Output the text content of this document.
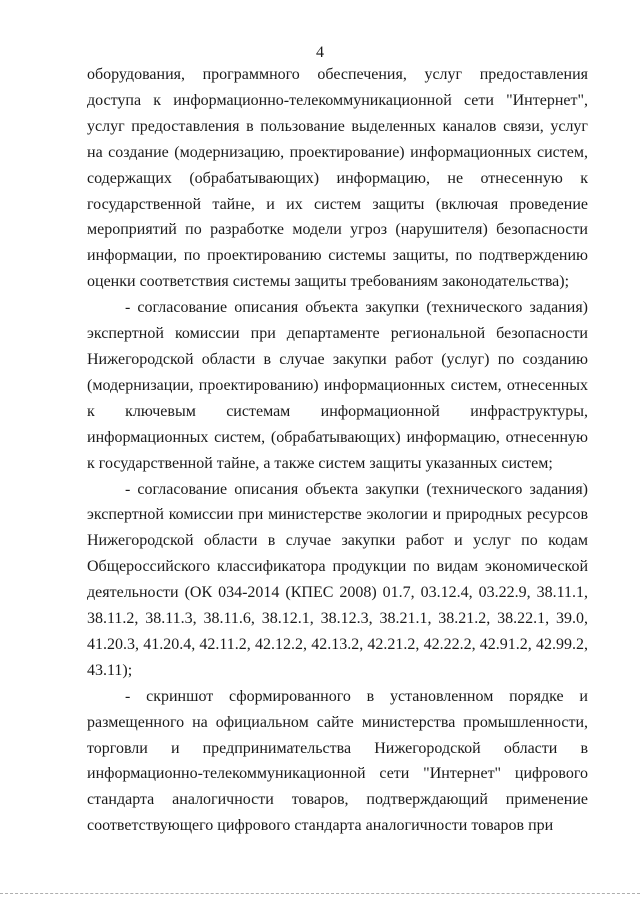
4

оборудования, программного обеспечения, услуг предоставления доступа к информационно-телекоммуникационной сети "Интернет", услуг предоставления в пользование выделенных каналов связи, услуг на создание (модернизацию, проектирование) информационных систем, содержащих (обрабатывающих) информацию, не отнесенную к государственной тайне, и их систем защиты (включая проведение мероприятий по разработке модели угроз (нарушителя) безопасности информации, по проектированию системы защиты, по подтверждению оценки соответствия системы защиты требованиям законодательства);

- согласование описания объекта закупки (технического задания) экспертной комиссии при департаменте региональной безопасности Нижегородской области в случае закупки работ (услуг) по созданию (модернизации, проектированию) информационных систем, отнесенных к ключевым системам информационной инфраструктуры, информационных систем, (обрабатывающих) информацию, отнесенную к государственной тайне, а также систем защиты указанных систем;

- согласование описания объекта закупки (технического задания) экспертной комиссии при министерстве экологии и природных ресурсов Нижегородской области в случае закупки работ и услуг по кодам Общероссийского классификатора продукции по видам экономической деятельности (ОК 034-2014 (КПЕС 2008) 01.7, 03.12.4, 03.22.9, 38.11.1, 38.11.2, 38.11.3, 38.11.6, 38.12.1, 38.12.3, 38.21.1, 38.21.2, 38.22.1, 39.0, 41.20.3, 41.20.4, 42.11.2, 42.12.2, 42.13.2, 42.21.2, 42.22.2, 42.91.2, 42.99.2, 43.11);

- скриншот сформированного в установленном порядке и размещенного на официальном сайте министерства промышленности, торговли и предпринимательства Нижегородской области в информационно-телекоммуникационной сети "Интернет" цифрового стандарта аналогичности товаров, подтверждающий применение соответствующего цифрового стандарта аналогичности товаров при
